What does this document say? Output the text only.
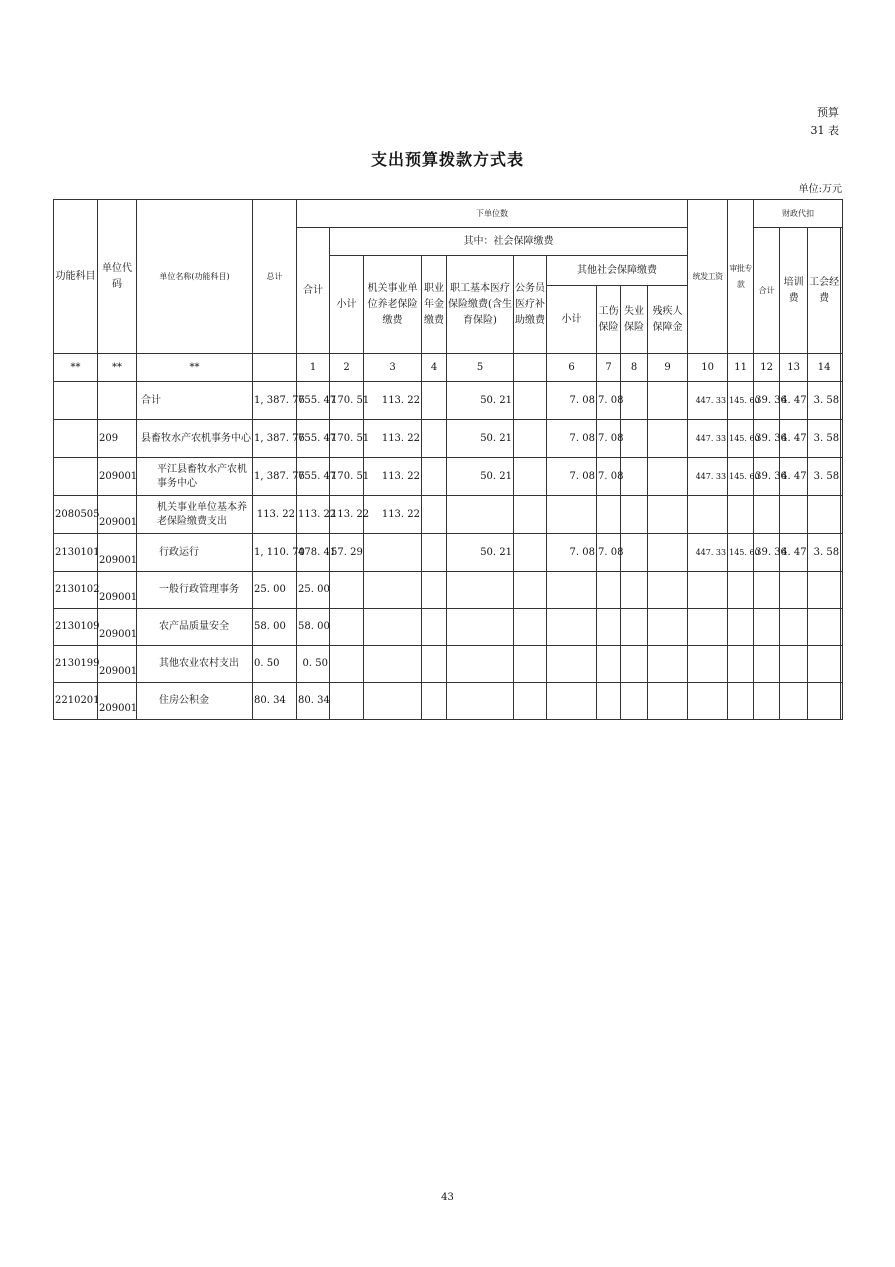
预算
31 表
支出预算拨款方式表
单位:万元
功能科目	单位代码	单位名称(功能科目)	总计	下单位数										统发工资	审批专款	财政代扣			
				合计	其中：社会保障缴费											合计	培训费	工会经费	
					小计	机关事业单位养老保险缴费	职业年金缴费	职工基本医疗保险缴费(含生育保险)	公务员医疗补助缴费	其他社会保障缴费									
										小计	工伤保险	失业保险	残疾人保障金						
**	**	**		1	2	3	4	5		6	7	8	9	10	11	12	13	14	
		合计	1, 387. 76	755. 47	170. 51	113. 22		50. 21		7. 08	7. 08			447. 33	145. 60	39. 36	4. 47	3. 58	
	209	县畜牧水产农机事务中心	1, 387. 76	755. 47	170. 51	113. 22		50. 21		7. 08	7. 08			447. 33	145. 60	39. 36	4. 47	3. 58	
	209001	平江县畜牧水产农机事务中心	1, 387. 76	755. 47	170. 51	113. 22		50. 21		7. 08	7. 08			447. 33	145. 60	39. 36	4. 47	3. 58	
2080505	209001	机关事业单位基本养老保险缴费支出	113. 22	113. 22	113. 22	113. 22													
2130101	209001	行政运行	1, 110. 70	478. 41	57. 29			50. 21		7. 08	7. 08			447. 33	145. 60	39. 36	4. 47	3. 58	
2130102	209001	一般行政管理事务	25. 00	25. 00															
2130109	209001	农产品质量安全	58. 00	58. 00															
2130199	209001	其他农业农村支出	0. 50	0. 50															
2210201	209001	住房公积金	80. 34	80. 34															
43
